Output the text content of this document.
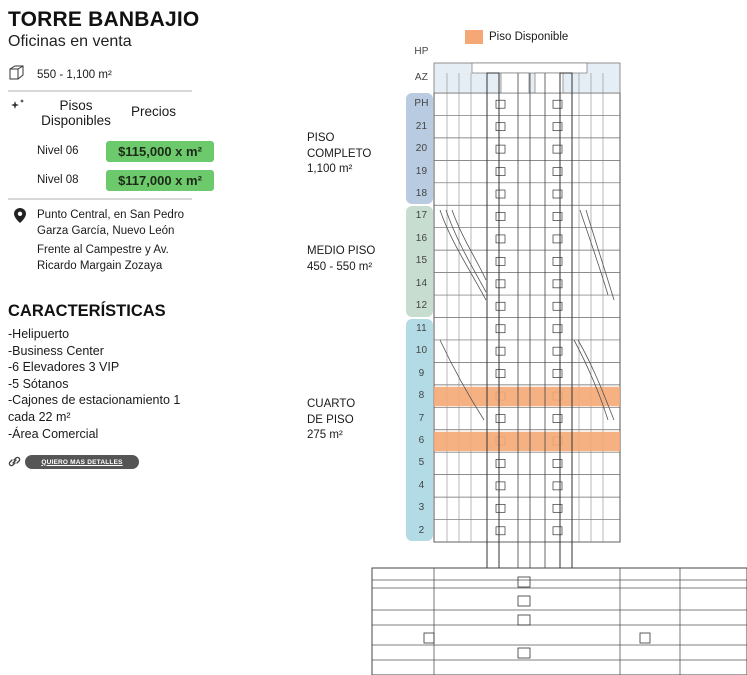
TORRE BANBAJIO
Oficinas en venta
550 - 1,100 m²
Pisos Disponibles
Precios
Nivel 06	$115,000 x m²
Nivel 08	$117,000 x m²
Punto Central, en San Pedro
Garza García, Nuevo León
Frente al Campestre y Av.
Ricardo Margain Zozaya
CARACTERÍSTICAS
-Helipuerto
-Business Center
-6 Elevadores 3 VIP
-5 Sótanos
-Cajones de estacionamiento 1
cada 22 m²
-Área Comercial
QUIERO MAS DETALLES
Piso Disponible
PISO
COMPLETO
1,100 m²
MEDIO PISO
450 - 550 m²
CUARTO
DE PISO
275 m²
PH
21
20
19
18
17
16
15
14
12
11
10
9
8
7
6
5
4
3
2
HP
AZ
